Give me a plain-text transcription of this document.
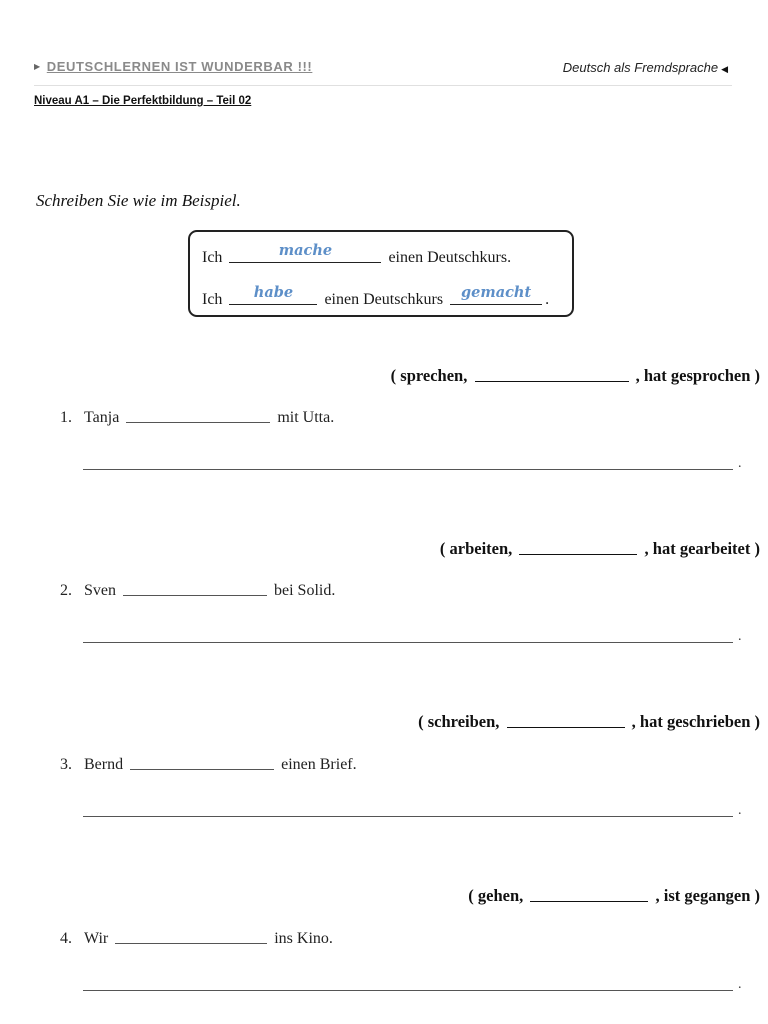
▶ DEUTSCHLERNEN IST WUNDERBAR !!!	Deutsch als Fremdsprache ◀
Niveau A1 – Die Perfektbildung – Teil 02
Schreiben Sie wie im Beispiel.
Ich	mache	einen Deutschkurs.
Ich	habe	einen Deutschkurs	gemacht .
( sprechen,	, hat gesprochen )
1. Tanja	mit Utta.
.
( arbeiten,	, hat gearbeitet )
2. Sven	bei Solid.
.
( schreiben,	, hat geschrieben )
3. Bernd	einen Brief.
.
( gehen,	, ist gegangen )
4. Wir	ins Kino.
.
